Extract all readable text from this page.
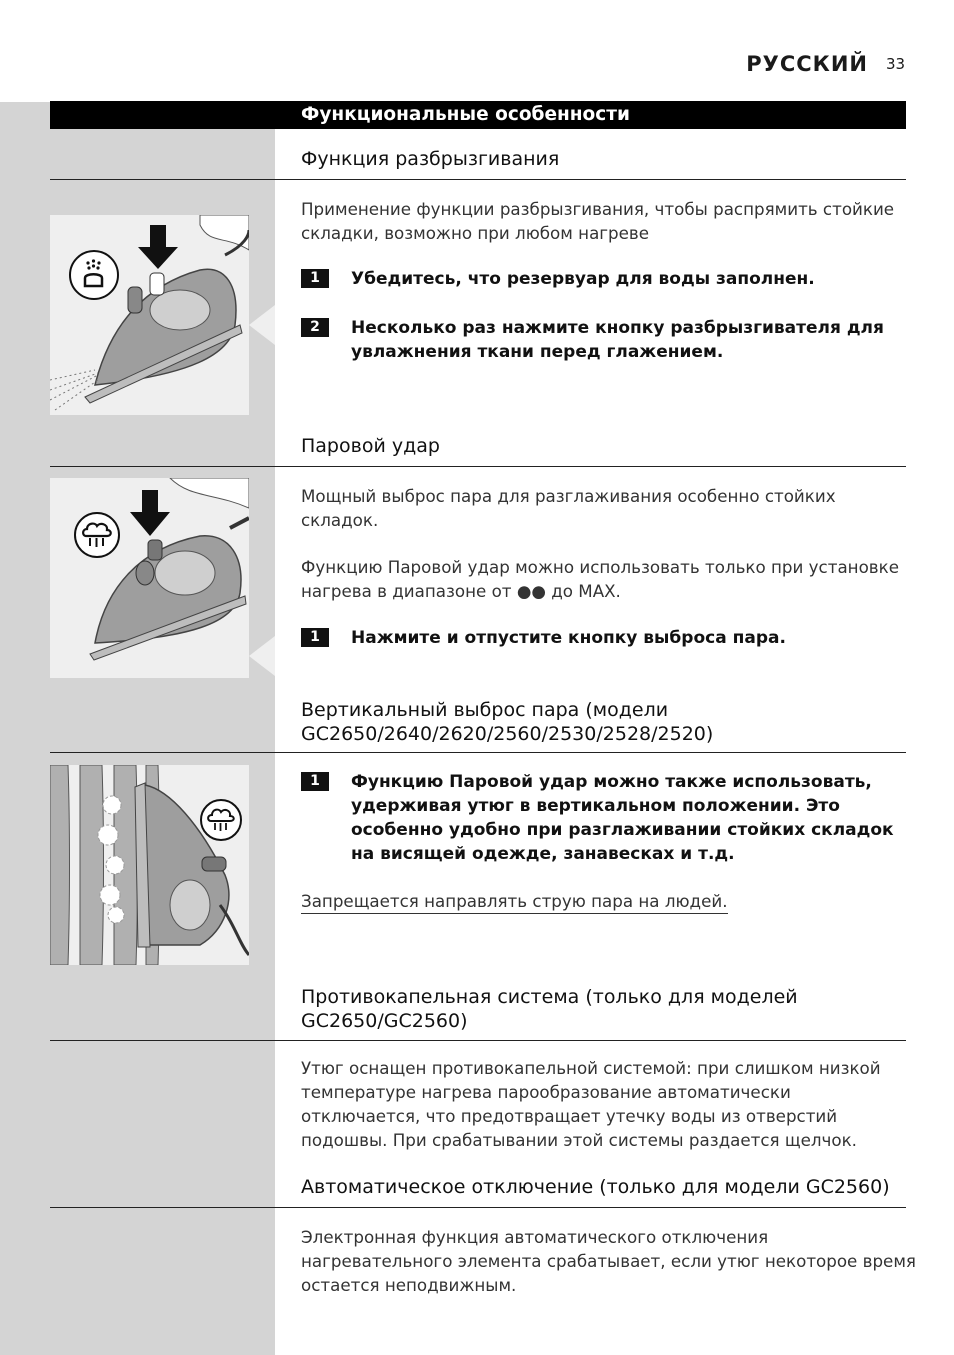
РУССКИЙ 33
Функциональные особенности
Функция разбрызгивания
Применение функции разбрызгивания, чтобы распрямить стойкие складки, возможно при любом нагреве
1	Убедитесь, что резервуар для воды заполнен.
2	Несколько раз нажмите кнопку разбрызгивателя для увлажнения ткани перед глажением.
Паровой удар
Мощный выброс пара для разглаживания особенно стойких складок.
Функцию Паровой удар можно использовать только при установке нагрева в диапазоне от ●● до MAX.
1	Нажмите и отпустите кнопку выброса пара.
Вертикальный выброс пара (модели GC2650/2640/2620/2560/2530/2528/2520)
1	Функцию Паровой удар можно также использовать, удерживая утюг в вертикальном положении. Это особенно удобно при разглаживании стойких складок на висящей одежде, занавесках и т.д.
Запрещается направлять струю пара на людей.
Противокапельная система (только для моделей GC2650/GC2560)
Утюг оснащен противокапельной системой: при слишком низкой температуре нагрева парообразование автоматически отключается, что предотвращает утечку воды из отверстий подошвы. При срабатывании этой системы раздается щелчок.
Автоматическое отключение (только для модели GC2560)
Электронная функция автоматического отключения нагревательного элемента срабатывает, если утюг некоторое время остается неподвижным.
